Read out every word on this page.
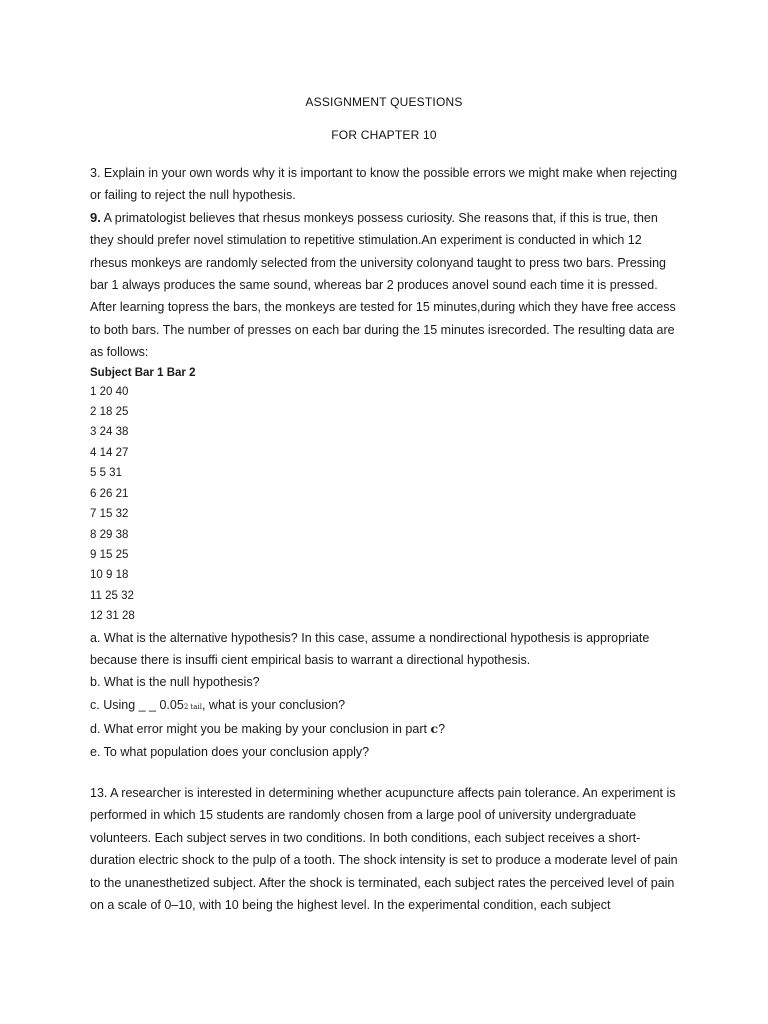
ASSIGNMENT QUESTIONS
FOR CHAPTER 10

3. Explain in your own words why it is important to know the possible errors we might make when rejecting or failing to reject the null hypothesis.

9. A primatologist believes that rhesus monkeys possess curiosity. She reasons that, if this is true, then they should prefer novel stimulation to repetitive stimulation.An experiment is conducted in which 12 rhesus monkeys are randomly selected from the university colonyand taught to press two bars. Pressing bar 1 always produces the same sound, whereas bar 2 produces anovel sound each time it is pressed. After learning topress the bars, the monkeys are tested for 15 minutes,during which they have free access to both bars. The number of presses on each bar during the 15 minutes isrecorded. The resulting data are as follows:

Subject Bar 1 Bar 2

1 20 40
2 18 25
3 24 38
4 14 27
5 5 31
6 26 21
7 15 32
8 29 38
9 15 25
10 9 18
11 25 32
12 31 28

a. What is the alternative hypothesis? In this case, assume a nondirectional hypothesis is appropriate because there is insuffi cient empirical basis to warrant a directional hypothesis.

b. What is the null hypothesis?

c. Using _ _ 0.052 tail, what is your conclusion?

d. What error might you be making by your conclusion in part c?

e. To what population does your conclusion apply?

13. A researcher is interested in determining whether acupuncture affects pain tolerance. An experiment is performed in which 15 students are randomly chosen from a large pool of university undergraduate volunteers. Each subject serves in two conditions. In both conditions, each subject receives a short-duration electric shock to the pulp of a tooth. The shock intensity is set to produce a moderate level of pain to the unanesthetized subject. After the shock is terminated, each subject rates the perceived level of pain on a scale of 0–10, with 10 being the highest level. In the experimental condition, each subject
